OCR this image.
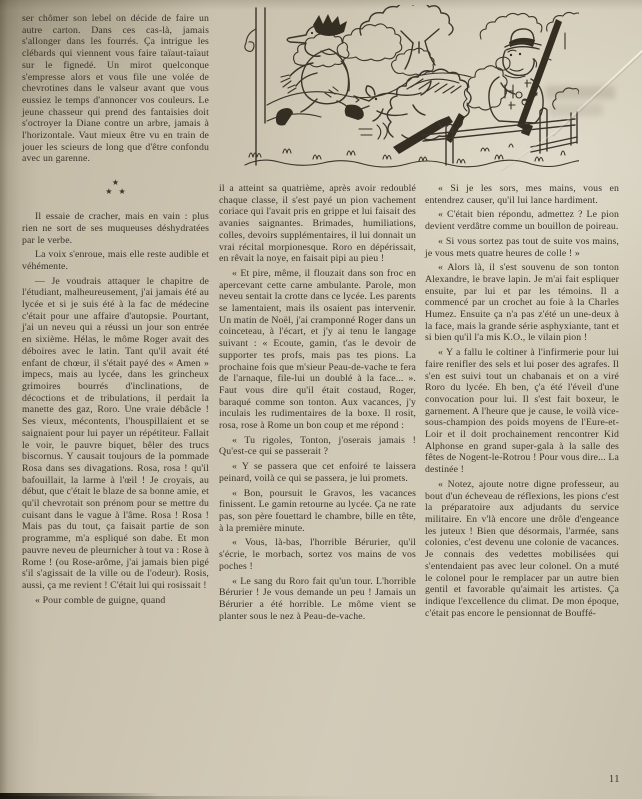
ser chômer son lebel on décide de faire un autre carton. Dans ces cas-là, jamais s'allonger dans les fourrés. Ça intrigue les clébards qui viennent vous faire taïaut-taïaut sur le fignedé. Un mirot quelconque s'empresse alors et vous file une volée de chevrotines dans le valseur avant que vous eussiez le temps d'annoncer vos couleurs. Le jeune chasseur qui prend des fantaisies doit s'octroyer la Diane contre un arbre, jamais à l'horizontale. Vaut mieux être vu en train de jouer les scieurs de long que d'être confondu avec un garenne.

★
★ ★

Il essaie de cracher, mais en vain : plus rien ne sort de ses muqueuses déshydratées par le verbe.

La voix s'enroue, mais elle reste audible et véhémente.

— Je voudrais attaquer le chapitre de l'étudiant, malheureusement, j'ai jamais été au lycée et si je suis été à la fac de médecine c'était pour une affaire d'autopsie. Pourtant, j'ai un neveu qui a réussi un jour son entrée en sixième. Hélas, le môme Roger avait des déboires avec le latin. Tant qu'il avait été enfant de chœur, il s'était payé des « Amen » impecs, mais au lycée, dans les grincheux grimoires bourrés d'inclinations, de décoctions et de tribulations, il perdait la manette des gaz, Roro. Une vraie débâcle ! Ses vieux, mécontents, l'houspillaient et se saignaient pour lui payer un répétiteur. Fallait le voir, le pauvre biquet, bêler des trucs biscornus. Y causait toujours de la pommade Rosa dans ses divagations. Rosa, rosa ! qu'il bafouillait, la larme à l'œil ! Je croyais, au début, que c'était le blaze de sa bonne amie, et qu'il chevrotait son prénom pour se mettre du cuisant dans le vague à l'âme. Rosa ! Rosa ! Mais pas du tout, ça faisait partie de son programme, m'a espliqué son dabe. Et mon pauvre neveu de pleurnicher à tout va : Rose à Rome ! (ou Rose-arôme, j'ai jamais bien pigé s'il s'agissait de la ville ou de l'odeur). Rosis, aussi, ça me revient ! C'était lui qui rosissait !

« Pour comble de guigne, quand

il a atteint sa quatrième, après avoir redoublé chaque classe, il s'est payé un pion vachement coriace qui l'avait pris en grippe et lui faisait des avanies saignantes. Brimades, humiliations, colles, devoirs supplémentaires, il lui donnait un vrai récital morpionesque. Roro en dépérissait, en rêvait la noye, en faisait pipi au pieu !

« Et pire, même, il flouzait dans son froc en apercevant cette carne ambulante. Parole, mon neveu sentait la crotte dans ce lycée. Les parents se lamentaient, mais ils osaient pas intervenir. Un matin de Noël, j'ai cramponné Roger dans un coinceteau, à l'écart, et j'y ai tenu le langage suivant : « Ecoute, gamin, t'as le devoir de supporter tes profs, mais pas tes pions. La prochaine fois que m'sieur Peau-de-vache te fera de l'arnaque, file-lui un doublé à la face... ». Faut vous dire qu'il était costaud, Roger, baraqué comme son tonton. Aux vacances, j'y inculais les rudimentaires de la boxe. Il rosit, rosa, rose à Rome un bon coup et me répond :

« Tu rigoles, Tonton, j'oserais jamais ! Qu'est-ce qui se passerait ?

« Y se passera que cet enfoiré te laissera peinard, voilà ce qui se passera, je lui promets.

« Bon, poursuit le Gravos, les vacances finissent. Le gamin retourne au lycée. Ça ne rate pas, son père fouettard le chambre, bille en tête, à la première minute.

« Vous, là-bas, l'horrible Bérurier, qu'il s'écrie, le morbach, sortez vos mains de vos poches !

« Le sang du Roro fait qu'un tour. L'horrible Bérurier ! Je vous demande un peu ! Jamais un Bérurier a été horrible. Le môme vient se planter sous le nez à Peau-de-vache.

« Si je les sors, mes mains, vous en entendrez causer, qu'il lui lance hardiment.

« C'était bien répondu, admettez ? Le pion devient verdâtre comme un bouillon de poireau.

« Si vous sortez pas tout de suite vos mains, je vous mets quatre heures de colle ! »

« Alors là, il s'est souvenu de son tonton Alexandre, le brave lapin. Je m'ai fait espliquer ensuite, par lui et par les témoins. Il a commencé par un crochet au foie à la Charles Humez. Ensuite ça n'a pas z'été un une-deux à la face, mais la grande série asphyxiante, tant et si bien qu'il l'a mis K.O., le vilain pion !

« Y a fallu le coltiner à l'infirmerie pour lui faire renifler des sels et lui poser des agrafes. Il s'en est suivi tout un chabanais et on a viré Roro du lycée. Eh ben, ç'a été l'éveil d'une convocation pour lui. Il s'est fait boxeur, le garnement. A l'heure que je cause, le voilà vice-sous-champion des poids moyens de l'Eure-et-Loir et il doit prochainement rencontrer Kid Alphonse en grand super-gala à la salle des fêtes de Nogent-le-Rotrou ! Pour vous dire... La destinée !

« Notez, ajoute notre digne professeur, au bout d'un écheveau de réflexions, les pions c'est la préparatoire aux adjudants du service militaire. En v'là encore une drôle d'engeance les juteux ! Bien que désormais, l'armée, sans colonies, c'est devenu une colonie de vacances. Je connais des vedettes mobilisées qui s'entendaient pas avec leur colonel. On a muté le colonel pour le remplacer par un autre bien gentil et favorable qu'aimait les artistes. Ça indique l'excellence du climat. De mon époque, c'était pas encore le pensionnat de Bouffé-

11
